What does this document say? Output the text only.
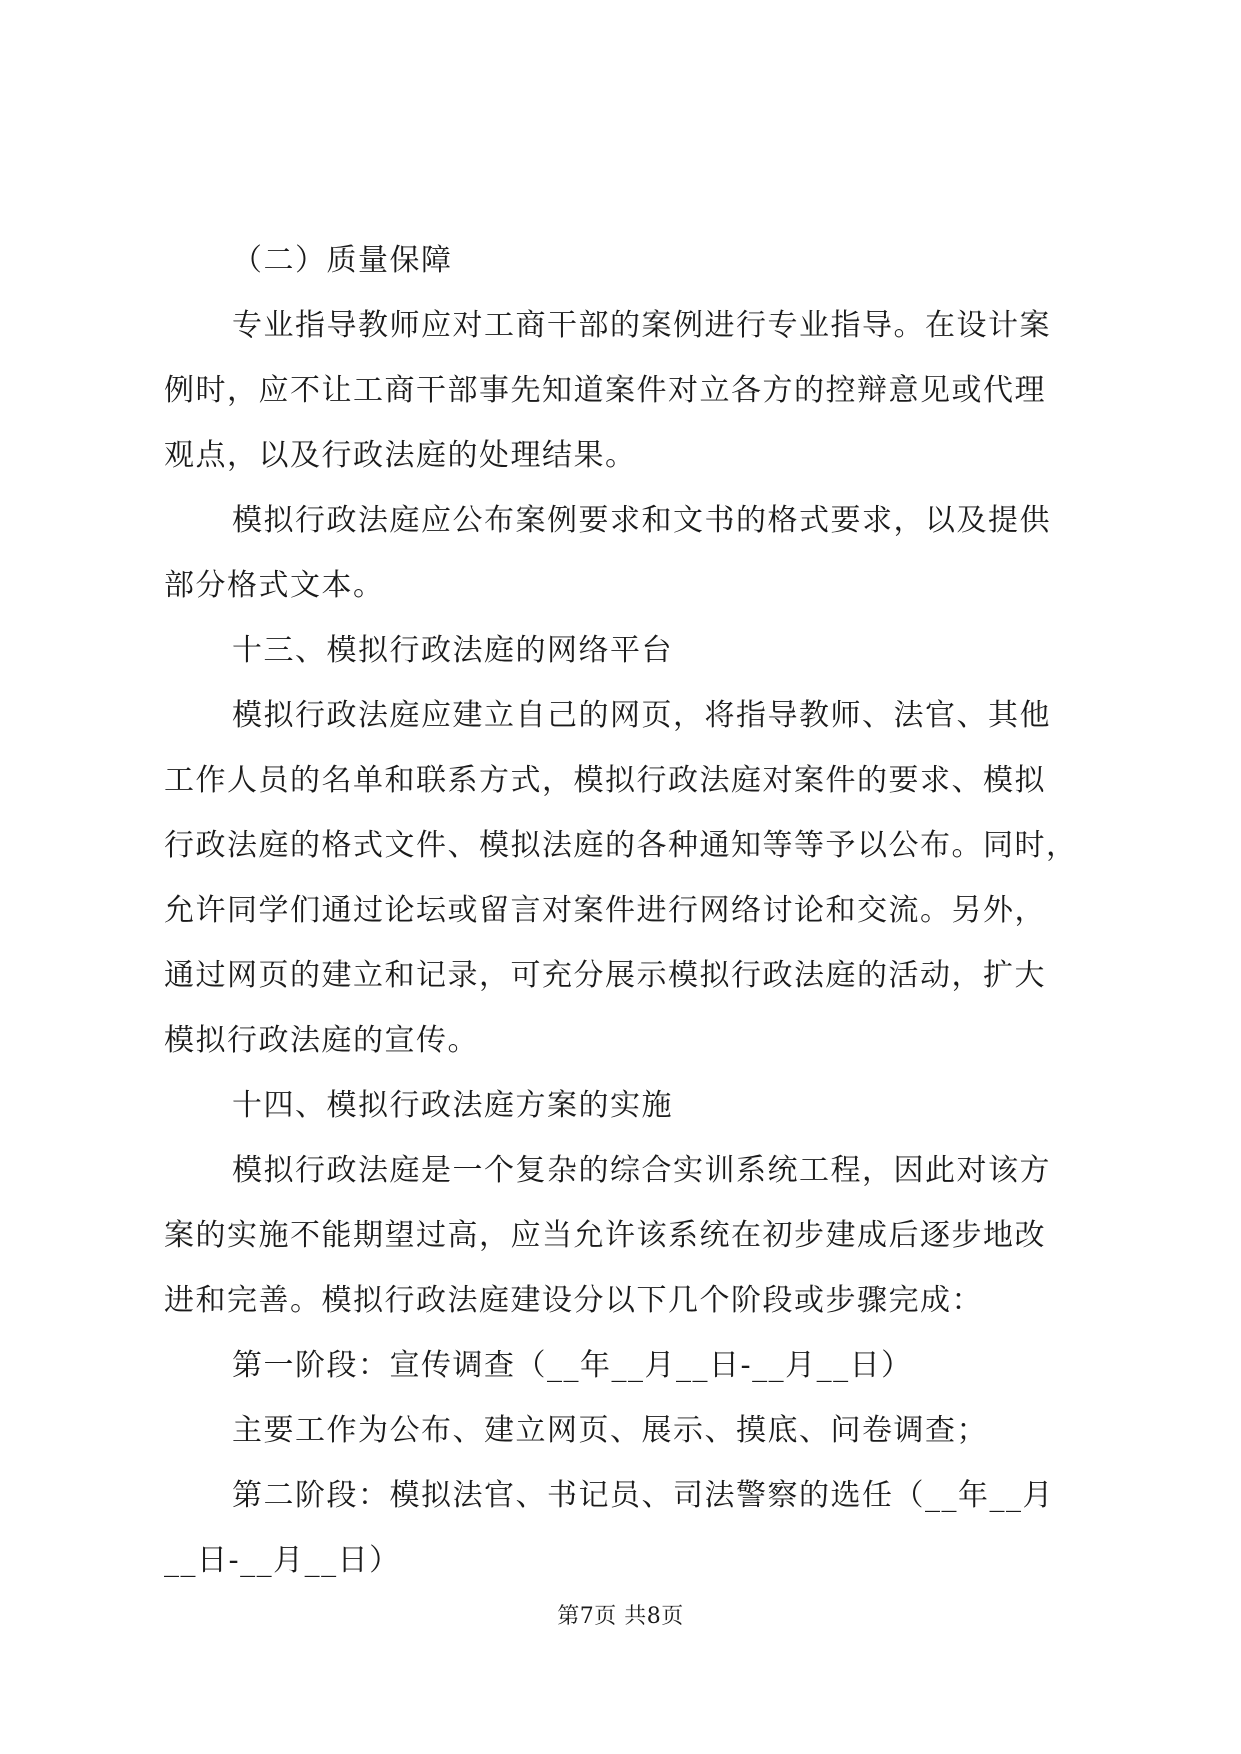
（二）质量保障
专业指导教师应对工商干部的案例进行专业指导。在设计案
例时，应不让工商干部事先知道案件对立各方的控辩意见或代理
观点，以及行政法庭的处理结果。
模拟行政法庭应公布案例要求和文书的格式要求，以及提供
部分格式文本。
十三、模拟行政法庭的网络平台
模拟行政法庭应建立自己的网页，将指导教师、法官、其他
工作人员的名单和联系方式，模拟行政法庭对案件的要求、模拟
行政法庭的格式文件、模拟法庭的各种通知等等予以公布。同时，
允许同学们通过论坛或留言对案件进行网络讨论和交流。另外，
通过网页的建立和记录，可充分展示模拟行政法庭的活动，扩大
模拟行政法庭的宣传。
十四、模拟行政法庭方案的实施
模拟行政法庭是一个复杂的综合实训系统工程，因此对该方
案的实施不能期望过高，应当允许该系统在初步建成后逐步地改
进和完善。模拟行政法庭建设分以下几个阶段或步骤完成：
第一阶段：宣传调查（__年__月__日-__月__日）
主要工作为公布、建立网页、展示、摸底、问卷调查；
第二阶段：模拟法官、书记员、司法警察的选任（__年__月
__日-__月__日）
第7页 共8页
